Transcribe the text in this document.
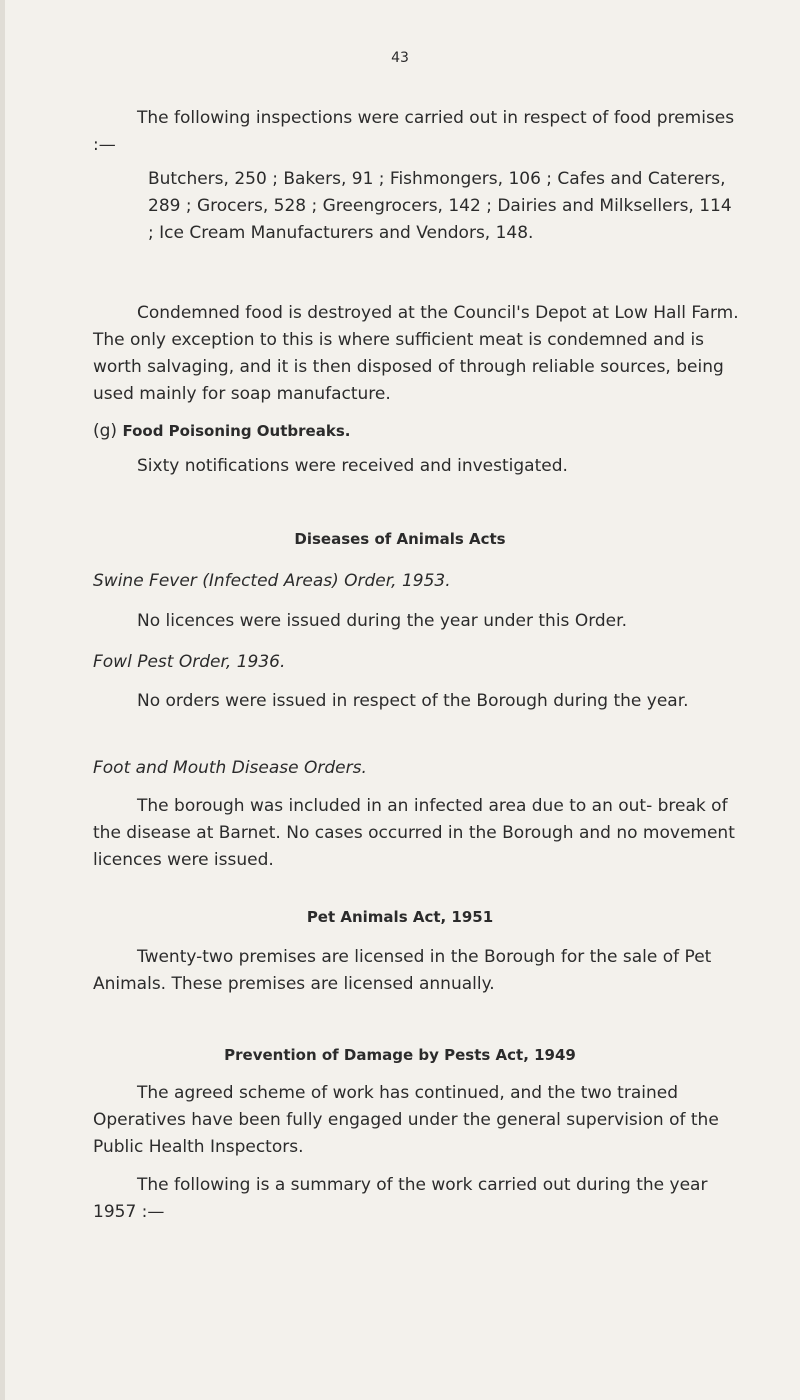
43

The following inspections were carried out in respect of food premises :—

Butchers, 250 ; Bakers, 91 ; Fishmongers, 106 ; Cafes and Caterers, 289 ; Grocers, 528 ; Greengrocers, 142 ; Dairies and Milksellers, 114 ; Ice Cream Manufacturers and Vendors, 148.

Condemned food is destroyed at the Council's Depot at Low Hall Farm. The only exception to this is where sufficient meat is condemned and is worth salvaging, and it is then disposed of through reliable sources, being used mainly for soap manufacture.

(g) Food Poisoning Outbreaks.

Sixty notifications were received and investigated.

Diseases of Animals Acts

Swine Fever (Infected Areas) Order, 1953.

No licences were issued during the year under this Order.

Fowl Pest Order, 1936.

No orders were issued in respect of the Borough during the year.

Foot and Mouth Disease Orders.

The borough was included in an infected area due to an out- break of the disease at Barnet. No cases occurred in the Borough and no movement licences were issued.

Pet Animals Act, 1951

Twenty-two premises are licensed in the Borough for the sale of Pet Animals. These premises are licensed annually.

Prevention of Damage by Pests Act, 1949

The agreed scheme of work has continued, and the two trained Operatives have been fully engaged under the general supervision of the Public Health Inspectors.

The following is a summary of the work carried out during the year 1957 :—
